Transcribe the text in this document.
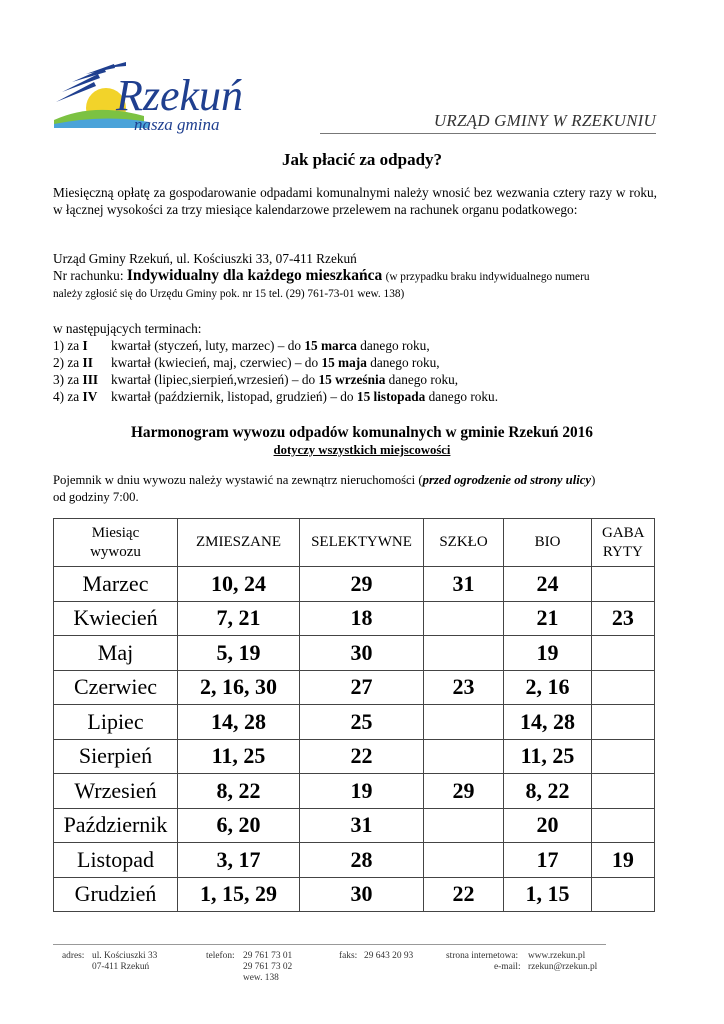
Rzekuń
nasza gmina	URZĄD GMINY W RZEKUNIU
Jak płacić za odpady?
Miesięczną opłatę za gospodarowanie odpadami komunalnymi należy wnosić bez wezwania cztery razy w roku, w łącznej wysokości za trzy miesiące kalendarzowe przelewem na rachunek organu podatkowego:
Urząd Gminy Rzekuń, ul. Kościuszki 33, 07-411 Rzekuń
Nr rachunku: Indywidualny dla każdego mieszkańca (w przypadku braku indywidualnego numeru
należy zgłosić się do Urzędu Gminy pok. nr 15 tel. (29) 761-73-01 wew. 138)
w następujących terminach:
1) za I kwartał (styczeń, luty, marzec) – do 15 marca danego roku,
2) za II kwartał (kwiecień, maj, czerwiec) – do 15 maja danego roku,
3) za III kwartał (lipiec,sierpień,wrzesień) – do 15 września danego roku,
4) za IV kwartał (październik, listopad, grudzień) – do 15 listopada danego roku.
Harmonogram wywozu odpadów komunalnych w gminie Rzekuń 2016
dotyczy wszystkich miejscowości
Pojemnik w dniu wywozu należy wystawić na zewnątrz nieruchomości (przed ogrodzenie od strony ulicy)
od godziny 7:00.
Miesiąc wywozu	ZMIESZANE	SELEKTYWNE	SZKŁO	BIO	GABA RYTY
Marzec	10, 24	29	31	24	
Kwiecień	7, 21	18		21	23
Maj	5, 19	30		19	
Czerwiec	2, 16, 30	27	23	2, 16	
Lipiec	14, 28	25		14, 28	
Sierpień	11, 25	22		11, 25	
Wrzesień	8, 22	19	29	8, 22	
Październik	6, 20	31		20	
Listopad	3, 17	28		17	19
Grudzień	1, 15, 29	30	22	1, 15	
adres: ul. Kościuszki 33
07-411 Rzekuń
telefon: 29 761 73 01
29 761 73 02
wew. 138
faks: 29 643 20 93	strona internetowa: www.rzekun.pl
e-mail: rzekun@rzekun.pl
